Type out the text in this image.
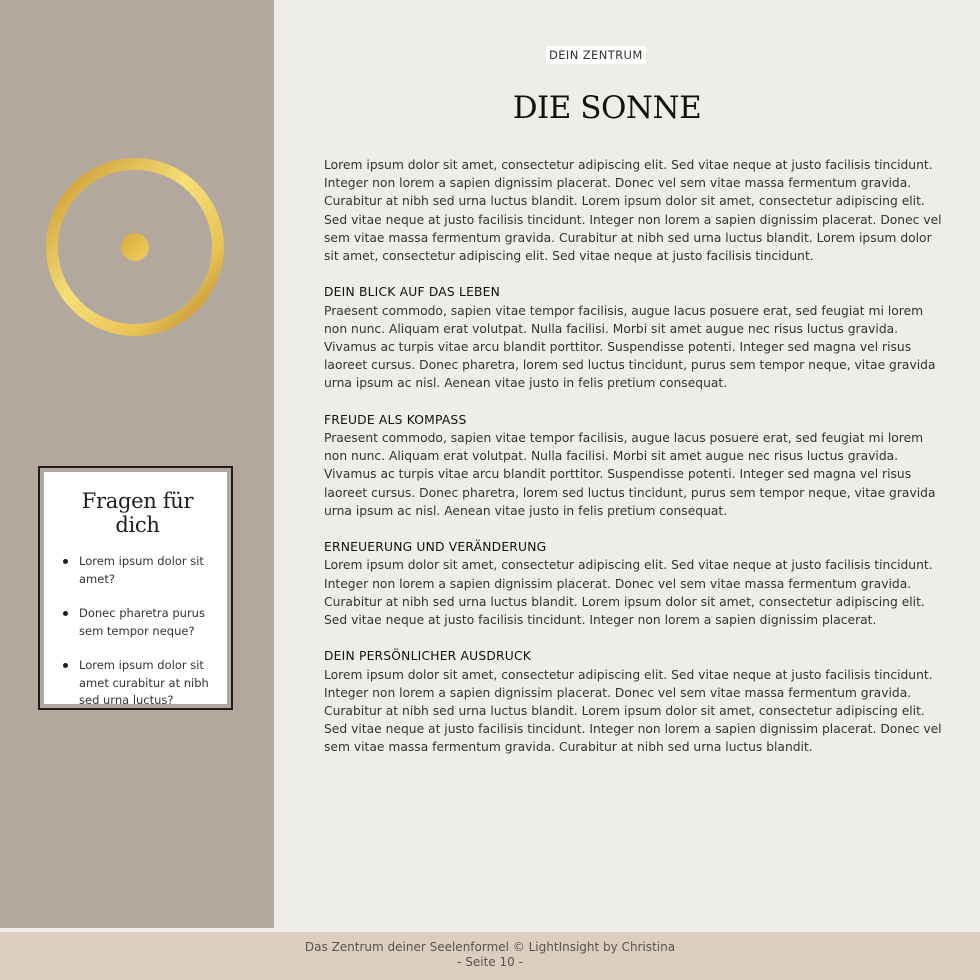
Fragen für dich
Lorem ipsum dolor sit amet?
Donec pharetra purus sem tempor neque?
Lorem ipsum dolor sit amet curabitur at nibh sed urna luctus?
DEIN ZENTRUM
DIE SONNE

Lorem ipsum dolor sit amet, consectetur adipiscing elit. Sed vitae neque at justo facilisis tincidunt. Integer non lorem a sapien dignissim placerat. Donec vel sem vitae massa fermentum gravida. Curabitur at nibh sed urna luctus blandit. Lorem ipsum dolor sit amet, consectetur adipiscing elit. Sed vitae neque at justo facilisis tincidunt. Integer non lorem a sapien dignissim placerat. Donec vel sem vitae massa fermentum gravida. Curabitur at nibh sed urna luctus blandit. Lorem ipsum dolor sit amet, consectetur adipiscing elit. Sed vitae neque at justo facilisis tincidunt.

DEIN BLICK AUF DAS LEBEN
Praesent commodo, sapien vitae tempor facilisis, augue lacus posuere erat, sed feugiat mi lorem non nunc. Aliquam erat volutpat. Nulla facilisi. Morbi sit amet augue nec risus luctus gravida. Vivamus ac turpis vitae arcu blandit porttitor. Suspendisse potenti. Integer sed magna vel risus laoreet cursus. Donec pharetra, lorem sed luctus tincidunt, purus sem tempor neque, vitae gravida urna ipsum ac nisl. Aenean vitae justo in felis pretium consequat.

FREUDE ALS KOMPASS
Praesent commodo, sapien vitae tempor facilisis, augue lacus posuere erat, sed feugiat mi lorem non nunc. Aliquam erat volutpat. Nulla facilisi. Morbi sit amet augue nec risus luctus gravida. Vivamus ac turpis vitae arcu blandit porttitor. Suspendisse potenti. Integer sed magna vel risus laoreet cursus. Donec pharetra, lorem sed luctus tincidunt, purus sem tempor neque, vitae gravida urna ipsum ac nisl. Aenean vitae justo in felis pretium consequat.

ERNEUERUNG UND VERÄNDERUNG
Lorem ipsum dolor sit amet, consectetur adipiscing elit. Sed vitae neque at justo facilisis tincidunt. Integer non lorem a sapien dignissim placerat. Donec vel sem vitae massa fermentum gravida. Curabitur at nibh sed urna luctus blandit. Lorem ipsum dolor sit amet, consectetur adipiscing elit. Sed vitae neque at justo facilisis tincidunt. Integer non lorem a sapien dignissim placerat.

DEIN PERSÖNLICHER AUSDRUCK
Lorem ipsum dolor sit amet, consectetur adipiscing elit. Sed vitae neque at justo facilisis tincidunt. Integer non lorem a sapien dignissim placerat. Donec vel sem vitae massa fermentum gravida. Curabitur at nibh sed urna luctus blandit. Lorem ipsum dolor sit amet, consectetur adipiscing elit. Sed vitae neque at justo facilisis tincidunt. Integer non lorem a sapien dignissim placerat. Donec vel sem vitae massa fermentum gravida. Curabitur at nibh sed urna luctus blandit.

Das Zentrum deiner Seelenformel © LightInsight by Christina
- Seite 10 -
